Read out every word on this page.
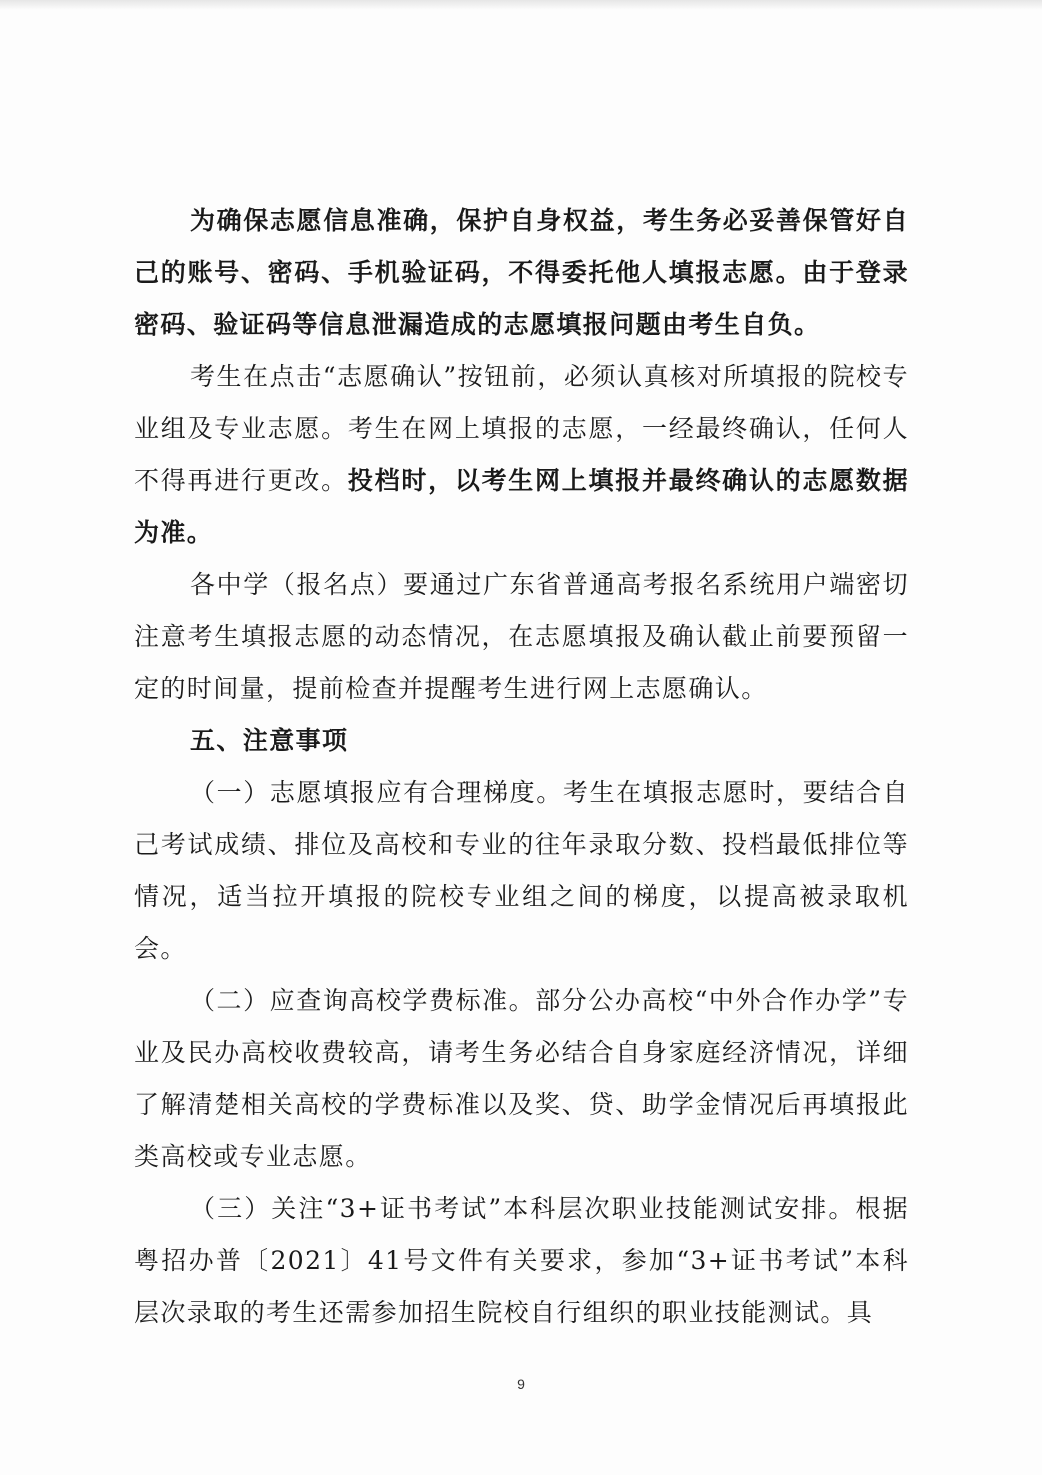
为确保志愿信息准确，保护自身权益，考生务必妥善保管好自己的账号、密码、手机验证码，不得委托他人填报志愿。由于登录密码、验证码等信息泄漏造成的志愿填报问题由考生自负。

考生在点击“志愿确认”按钮前，必须认真核对所填报的院校专业组及专业志愿。考生在网上填报的志愿，一经最终确认，任何人不得再进行更改。投档时，以考生网上填报并最终确认的志愿数据为准。

各中学（报名点）要通过广东省普通高考报名系统用户端密切注意考生填报志愿的动态情况，在志愿填报及确认截止前要预留一定的时间量，提前检查并提醒考生进行网上志愿确认。

五、注意事项

（一）志愿填报应有合理梯度。考生在填报志愿时，要结合自己考试成绩、排位及高校和专业的往年录取分数、投档最低排位等情况，适当拉开填报的院校专业组之间的梯度，以提高被录取机会。

（二）应查询高校学费标准。部分公办高校“中外合作办学”专业及民办高校收费较高，请考生务必结合自身家庭经济情况，详细了解清楚相关高校的学费标准以及奖、贷、助学金情况后再填报此类高校或专业志愿。

（三）关注“3+证书考试”本科层次职业技能测试安排。根据粤招办普〔2021〕41号文件有关要求，参加“3+证书考试”本科层次录取的考生还需参加招生院校自行组织的职业技能测试。具

9
